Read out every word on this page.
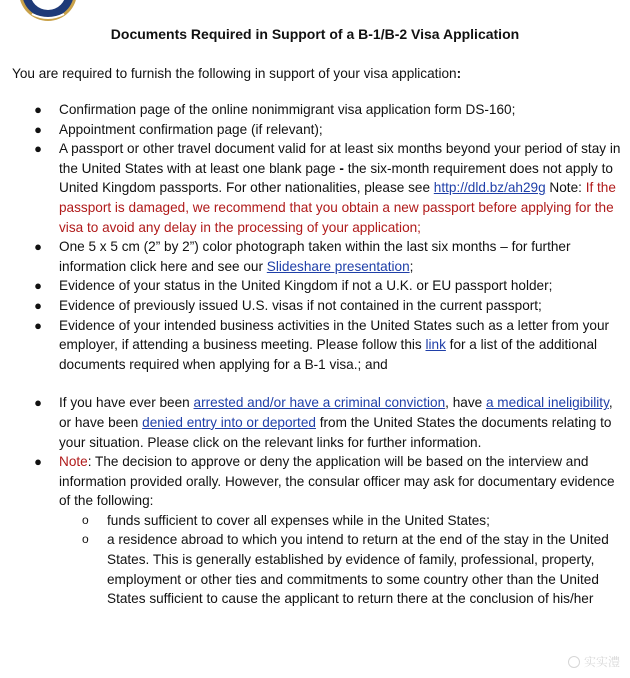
Documents Required in Support of a B-1/B-2 Visa Application
You are required to furnish the following in support of your visa application:
● Confirmation page of the online nonimmigrant visa application form DS-160;
● Appointment confirmation page (if relevant);
● A passport or other travel document valid for at least six months beyond your period of stay in the United States with at least one blank page - the six-month requirement does not apply to United Kingdom passports. For other nationalities, please see http://dld.bz/ah29g Note: If the passport is damaged, we recommend that you obtain a new passport before applying for the visa to avoid any delay in the processing of your application;
● One 5 x 5 cm (2” by 2”) color photograph taken within the last six months – for further information click here and see our Slideshare presentation;
● Evidence of your status in the United Kingdom if not a U.K. or EU passport holder;
● Evidence of previously issued U.S. visas if not contained in the current passport;
● Evidence of your intended business activities in the United States such as a letter from your employer, if attending a business meeting. Please follow this link for a list of the additional documents required when applying for a B-1 visa.; and
● If you have ever been arrested and/or have a criminal conviction, have a medical ineligibility, or have been denied entry into or deported from the United States the documents relating to your situation. Please click on the relevant links for further information.
● Note: The decision to approve or deny the application will be based on the interview and information provided orally. However, the consular officer may ask for documentary evidence of the following:
o funds sufficient to cover all expenses while in the United States;
o a residence abroad to which you intend to return at the end of the stay in the United States. This is generally established by evidence of family, professional, property, employment or other ties and commitments to some country other than the United States sufficient to cause the applicant to return there at the conclusion of his/her
实实澧
